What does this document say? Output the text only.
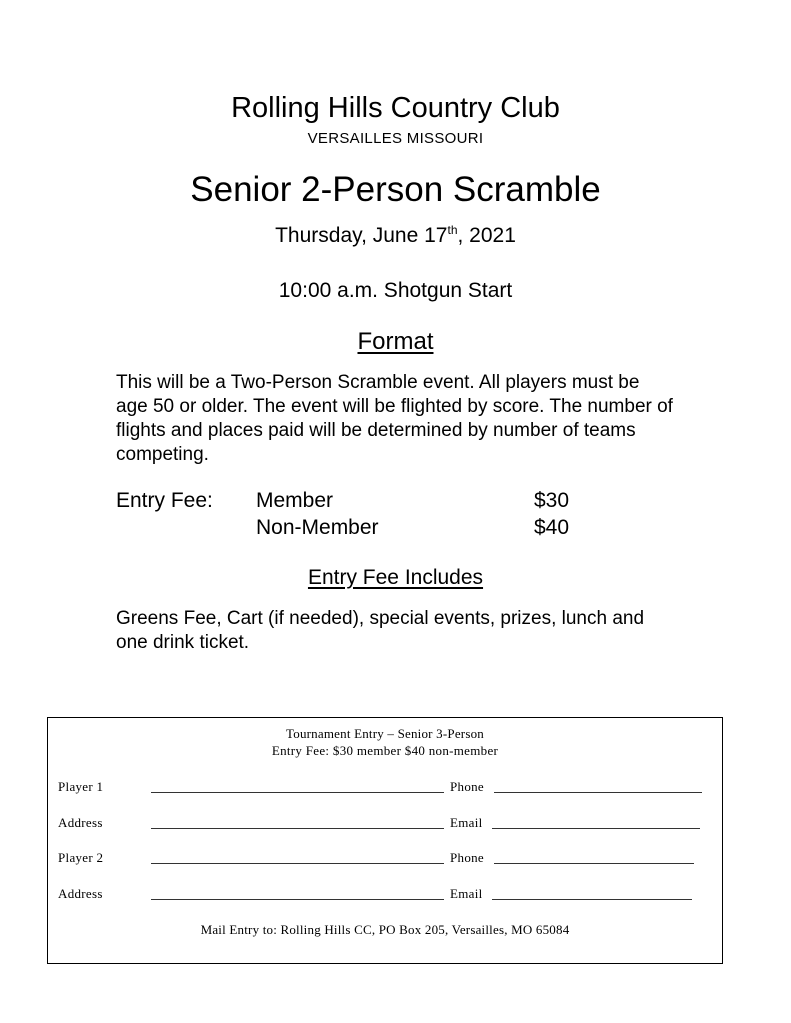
Rolling Hills Country Club
VERSAILLES MISSOURI
Senior 2-Person Scramble
Thursday, June 17th, 2021
10:00 a.m. Shotgun Start
Format
This will be a Two-Person Scramble event. All players must be age 50 or older. The event will be flighted by score. The number of flights and places paid will be determined by number of teams competing.
Entry Fee: Member	$30
Non-Member	$40
Entry Fee Includes
Greens Fee, Cart (if needed), special events, prizes, lunch and one drink ticket.
Tournament Entry – Senior 3-Person
Entry Fee: $30 member $40 non-member
Player 1	Phone
Address	Email
Player 2	Phone
Address	Email
Mail Entry to: Rolling Hills CC, PO Box 205, Versailles, MO 65084
